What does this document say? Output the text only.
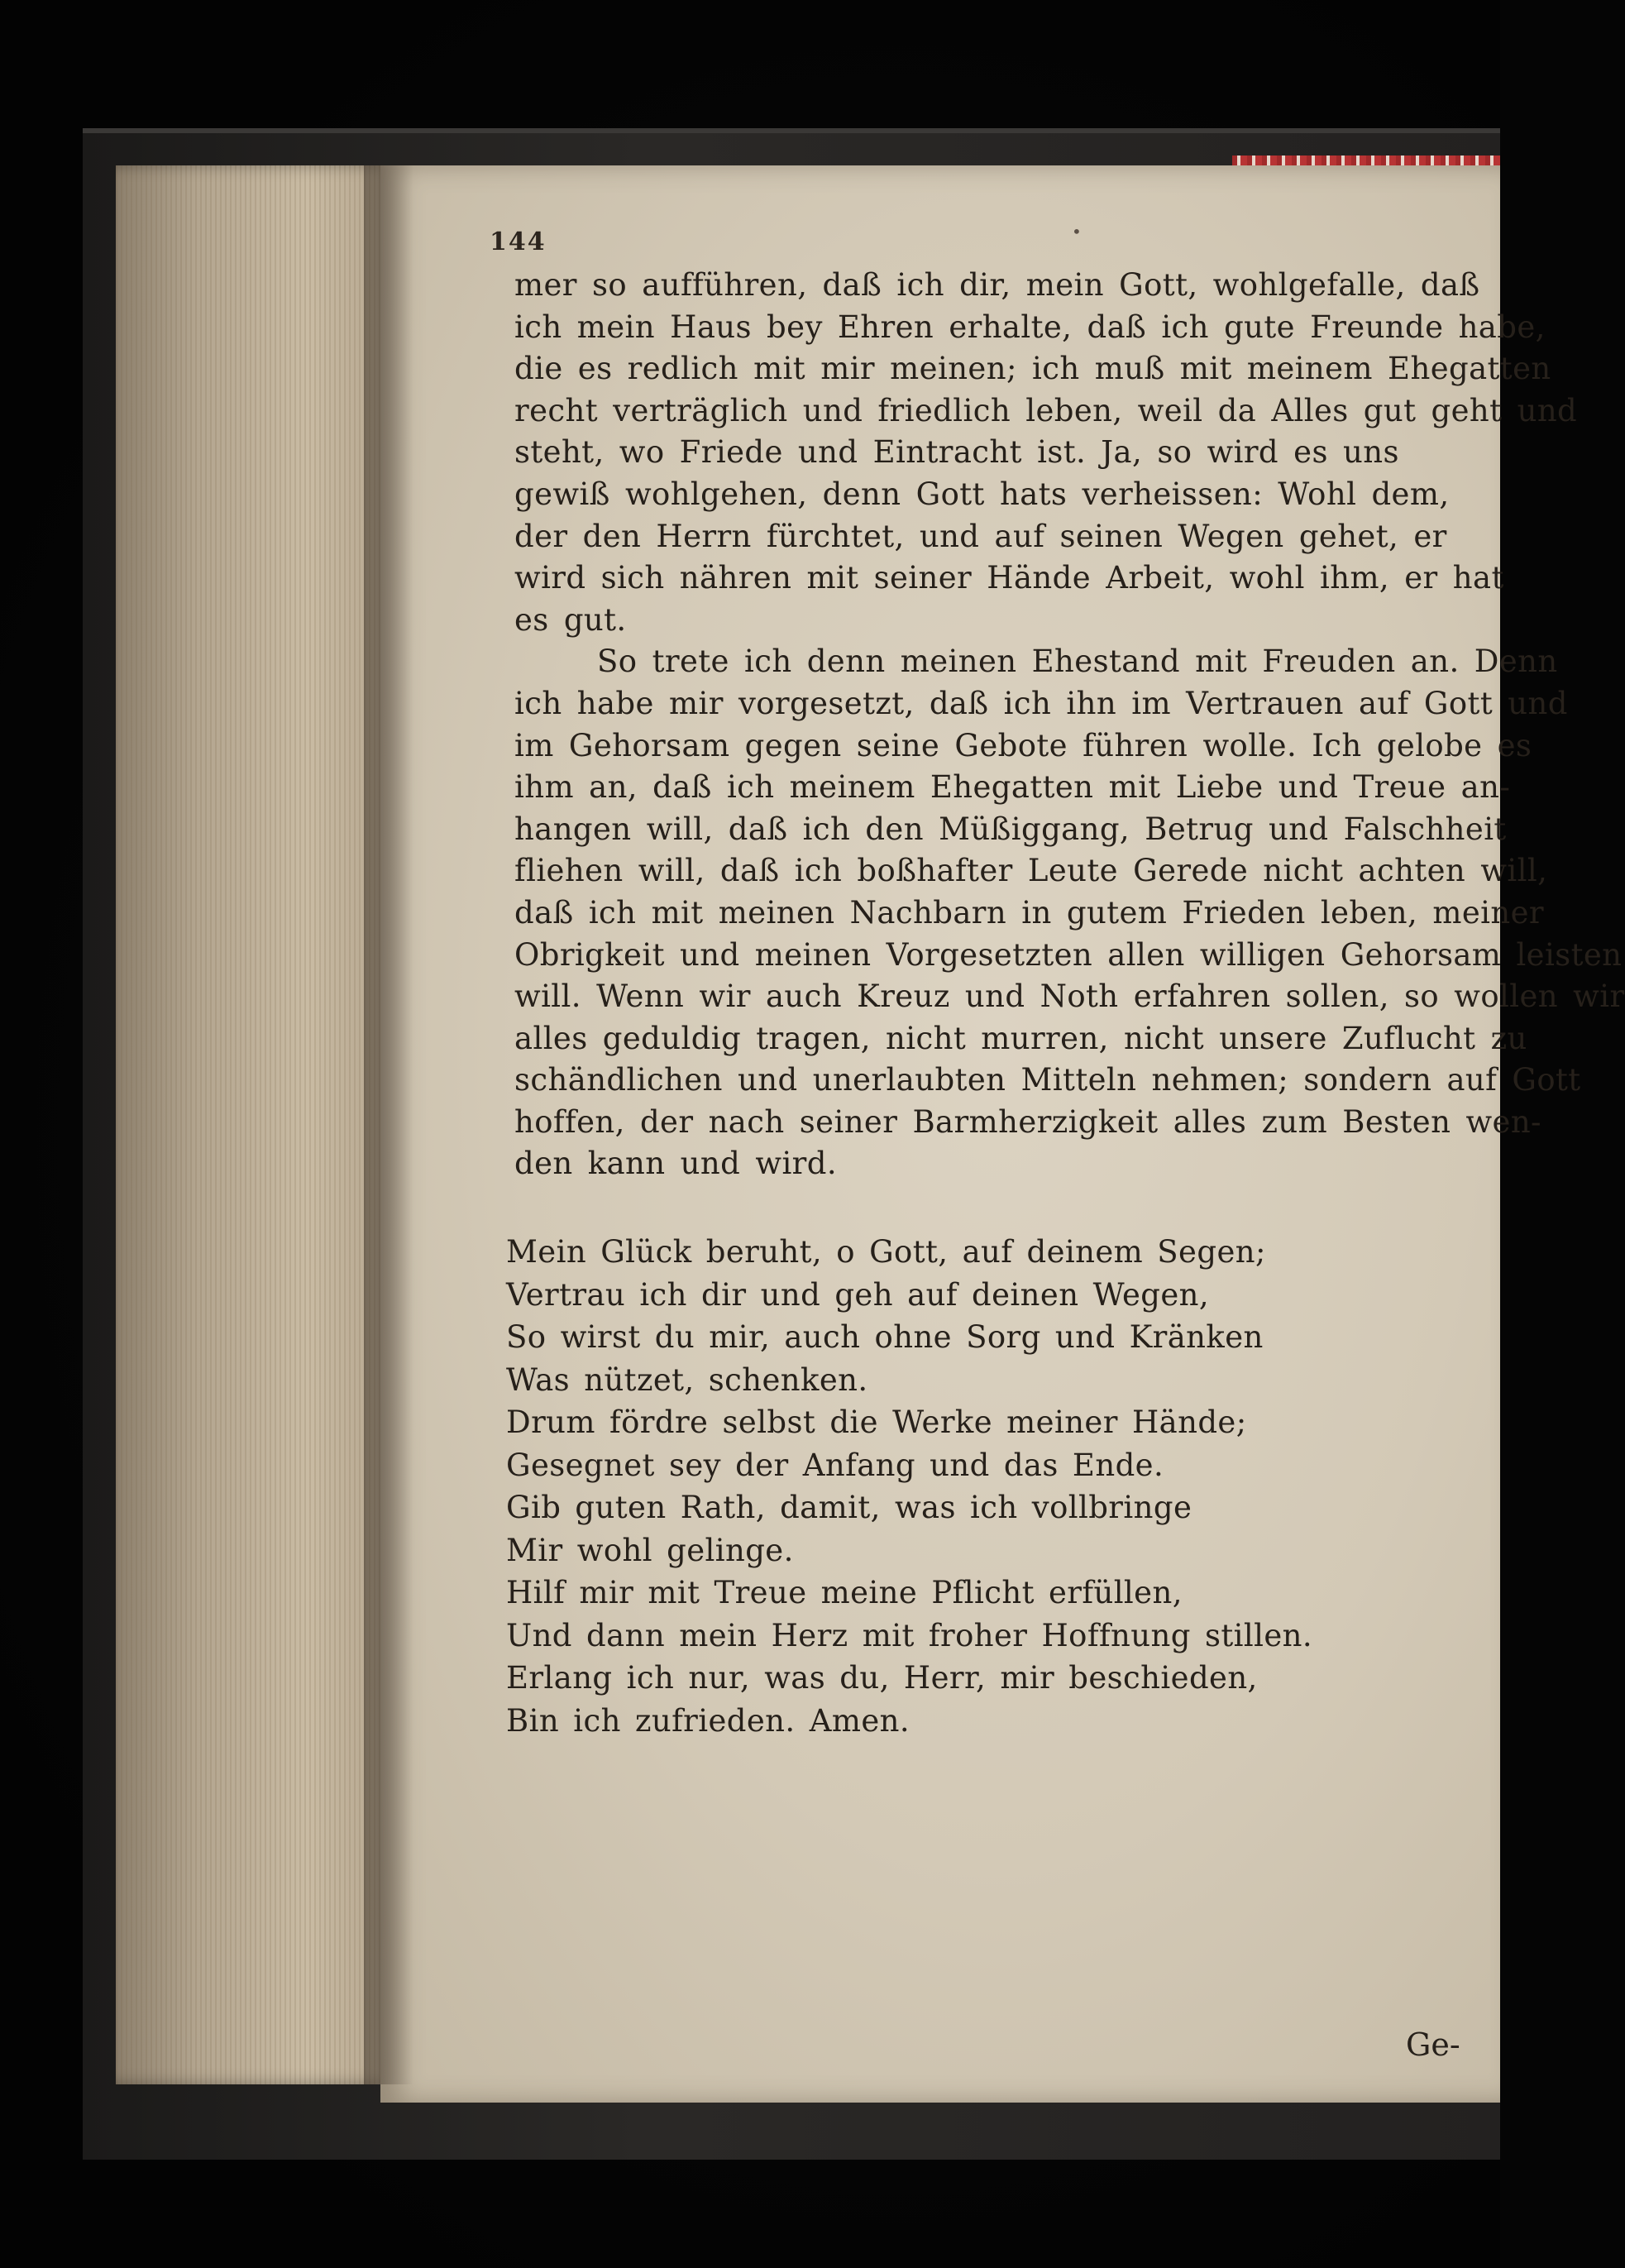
144	•
mer so aufführen, daß ich dir, mein Gott, wohlgefalle, daß
ich mein Haus bey Ehren erhalte, daß ich gute Freunde habe,
die es redlich mit mir meinen; ich muß mit meinem Ehegatten
recht verträglich und friedlich leben, weil da Alles gut geht und
steht, wo Friede und Eintracht ist. Ja, so wird es uns
gewiß wohlgehen, denn Gott hats verheissen: Wohl dem,
der den Herrn fürchtet, und auf seinen Wegen gehet, er
wird sich nähren mit seiner Hände Arbeit, wohl ihm, er hat
es gut.
So trete ich denn meinen Ehestand mit Freuden an. Denn
ich habe mir vorgesetzt, daß ich ihn im Vertrauen auf Gott und
im Gehorsam gegen seine Gebote führen wolle. Ich gelobe es
ihm an, daß ich meinem Ehegatten mit Liebe und Treue an-
hangen will, daß ich den Müßiggang, Betrug und Falschheit
fliehen will, daß ich boßhafter Leute Gerede nicht achten will,
daß ich mit meinen Nachbarn in gutem Frieden leben, meiner
Obrigkeit und meinen Vorgesetzten allen willigen Gehorsam leisten
will. Wenn wir auch Kreuz und Noth erfahren sollen, so wollen wir
alles geduldig tragen, nicht murren, nicht unsere Zuflucht zu
schändlichen und unerlaubten Mitteln nehmen; sondern auf Gott
hoffen, der nach seiner Barmherzigkeit alles zum Besten wen-
den kann und wird.
Mein Glück beruht, o Gott, auf deinem Segen;
Vertrau ich dir und geh auf deinen Wegen,
So wirst du mir, auch ohne Sorg und Kränken
Was nützet, schenken.
Drum fördre selbst die Werke meiner Hände;
Gesegnet sey der Anfang und das Ende.
Gib guten Rath, damit, was ich vollbringe
Mir wohl gelinge.
Hilf mir mit Treue meine Pflicht erfüllen,
Und dann mein Herz mit froher Hoffnung stillen.
Erlang ich nur, was du, Herr, mir beschieden,
Bin ich zufrieden. Amen.
Ge-
